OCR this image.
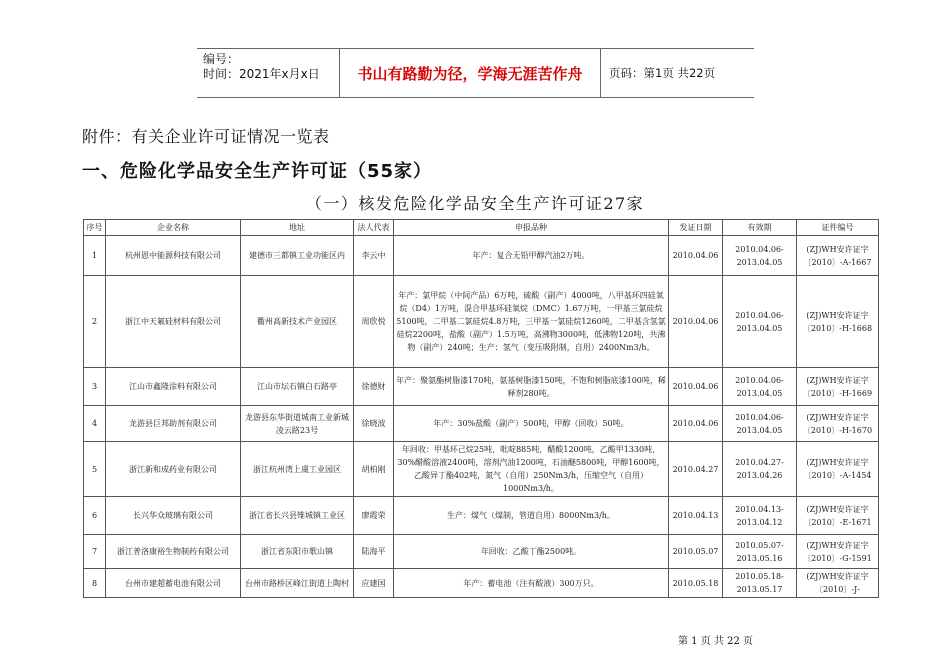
编号：
时间：2021年x月x日	书山有路勤为径，学海无涯苦作舟	页码：第1页 共22页
附件：有关企业许可证情况一览表
一、危险化学品安全生产许可证（55家）
（一）核发危险化学品安全生产许可证27家
序号	企业名称	地址	法人代表	申报品种	发证日期	有效期	证件编号
1	杭州恩中能源科技有限公司	建德市三都镇工业功能区内	李云中	年产：复合无铅甲醇汽油2万吨。	2010.04.06	2010.04.06-2013.04.05	(ZJ)WH安许证字〔2010〕-A-1667
2	浙江中天氟硅材料有限公司	衢州高新技术产业园区	周欣悦	年产：氯甲烷（中间产品）6万吨，硫酸（副产）4000吨，八甲基环四硅氧烷（D4）1万吨，混合甲基环硅氧烷（DMC）1.67万吨，一甲基三氯硅烷5100吨，二甲基二氯硅烷4.8万吨，三甲基一氯硅烷1260吨，二甲基含氢氯硅烷2200吨，盐酸（副产）1.5万吨，高沸物3000吨，低沸物120吨，共沸物（副产）240吨；生产：氢气（变压吸附制，自用）2400Nm3/h。	2010.04.06	2010.04.06-2013.04.05	(ZJ)WH安许证字〔2010〕-H-1668
3	江山市鑫隆涂料有限公司	江山市坛石镇白石路亭	徐德财	年产：聚氨酯树脂漆170吨，氨基树脂漆150吨，不饱和树脂底漆100吨，稀释剂280吨。	2010.04.06	2010.04.06-2013.04.05	(ZJ)WH安许证字〔2010〕-H-1669
4	龙游县巨邦助剂有限公司	龙游县东华街道城南工业新城凌云路23号	徐晓波	年产：30%盐酸（副产）500吨，甲醇（回收）50吨。	2010.04.06	2010.04.06-2013.04.05	(ZJ)WH安许证字〔2010〕-H-1670
5	浙江新和成药业有限公司	浙江杭州湾上虞工业园区	胡柏刚	年回收：甲基环己烷25吨，吡啶885吨，醋酸1200吨，乙酸甲1330吨，30%醋酸溶液2400吨，溶剂汽油1200吨，石油醚5800吨，甲醇1600吨，乙酸异丁酯402吨，氮气（自用）250Nm3/h，压缩空气（自用）1000Nm3/h。	2010.04.27	2010.04.27-2013.04.26	(ZJ)WH安许证字〔2010〕-A-1454
6	长兴华众玻璃有限公司	浙江省长兴县雉城镇工业区	廖霞荣	生产：煤气（煤制，管道自用）8000Nm3/h。	2010.04.13	2010.04.13-2013.04.12	(ZJ)WH安许证字〔2010〕-E-1671
7	浙江普洛康裕生物制药有限公司	浙江省东阳市歌山镇	陆海平	年回收：乙酸丁酯2500吨。	2010.05.07	2010.05.07-2013.05.16	(ZJ)WH安许证字〔2010〕-G-1591
8	台州市建超蓄电池有限公司	台州市路桥区峰江街道上陶村	应建国	年产：蓄电池（注有酸液）300万只。	2010.05.18	2010.05.18-2013.05.17	(ZJ)WH安许证字〔2010〕-J-
第 1 页 共 22 页
